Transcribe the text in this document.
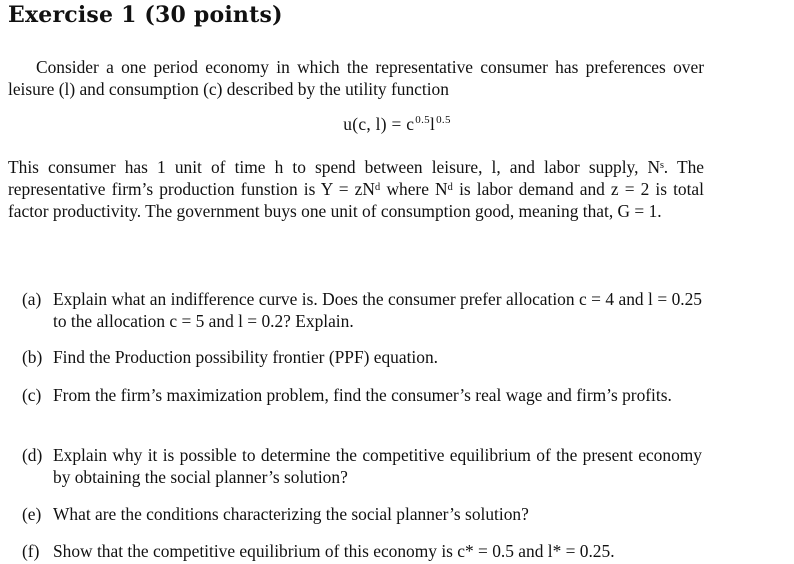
Exercise 1 (30 points)
Consider a one period economy in which the representative consumer has preferences over leisure (l) and consumption (c) described by the utility function
u(c, $l) = c^{0.5}l^{0.5}$
This consumer has 1 unit of time h to spend between leisure, l, and labor supply, Nˢ. The representative firm’s production funstion is Y = zNᵈ where Nᵈ is labor demand and z = 2 is total factor productivity. The government buys one unit of consumption good, meaning that, G = 1.
(a) Explain what an indifference curve is. Does the consumer prefer allocation c = 4 and l = 0.25 to the allocation c = 5 and l = 0.2? Explain.
(b) Find the Production possibility frontier (PPF) equation.
(c) From the firm’s maximization problem, find the consumer’s real wage and firm’s profits.
(d) Explain why it is possible to determine the competitive equilibrium of the present economy by obtaining the social planner’s solution?
(e) What are the conditions characterizing the social planner’s solution?
(f) Show that the competitive equilibrium of this economy is c* = 0.5 and l* = 0.25.
